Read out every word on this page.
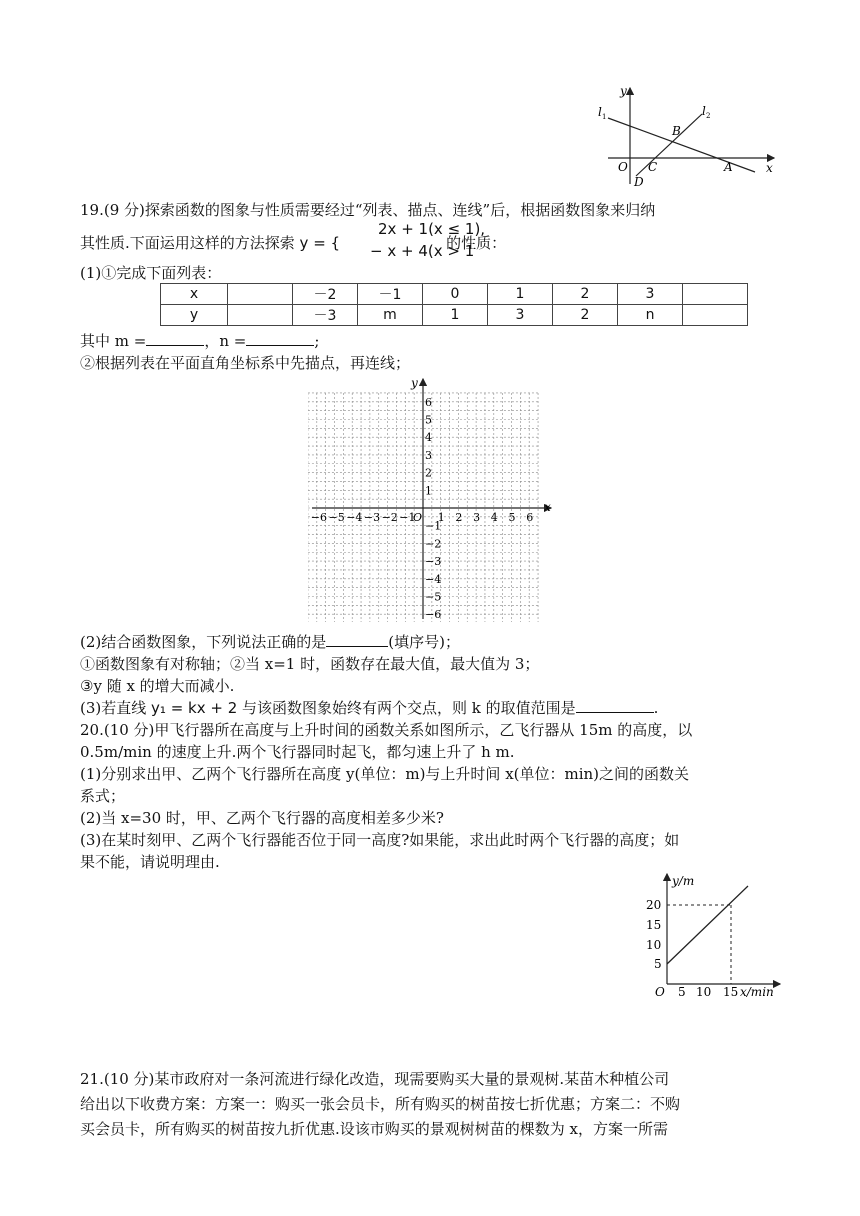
y
x
l 1	l 2
B
O C	A
D
19.(9 分)探索函数的图象与性质需要经过“列表、描点、连线”后，根据函数图象来归纳
其性质.下面运用这样的方法探索 y = {	的性质：
2x + 1(x ≤ 1),
− x + 4(x > 1
(1)①完成下面列表：
x		－2	－1	0	1	2	3	
y		－3	m	1	3	2	n	
其中 m =	，n =	;
②根据列表在平面直角坐标系中先描点，再连线；
−6 −5 −4 −3 −2 −1 1 2 3 4 5 6
6
5
4
3
2
1
−1
−2
−3
−4
−5
−6
O
y
x
(2)结合函数图象，下列说法正确的是	(填序号)；
①函数图象有对称轴；②当 x=1 时，函数存在最大值，最大值为 3；
③y 随 x 的增大而减小.
(3)若直线 y₁ = kx + 2 与该函数图象始终有两个交点，则 k 的取值范围是	.
20.(10 分)甲飞行器所在高度与上升时间的函数关系如图所示，乙飞行器从 15m 的高度，以
0.5m/min 的速度上升.两个飞行器同时起飞，都匀速上升了 h m.
(1)分别求出甲、乙两个飞行器所在高度 y(单位：m)与上升时间 x(单位：min)之间的函数关
系式；
(2)当 x=30 时，甲、乙两个飞行器的高度相差多少米?
(3)在某时刻甲、乙两个飞行器能否位于同一高度?如果能，求出此时两个飞行器的高度；如
果不能，请说明理由.
y/m
20
15
10
5
O 5 10 15 x/min
21.(10 分)某市政府对一条河流进行绿化改造，现需要购买大量的景观树.某苗木种植公司
给出以下收费方案：方案一：购买一张会员卡，所有购买的树苗按七折优惠；方案二：不购
买会员卡，所有购买的树苗按九折优惠.设该市购买的景观树树苗的棵数为 x，方案一所需
